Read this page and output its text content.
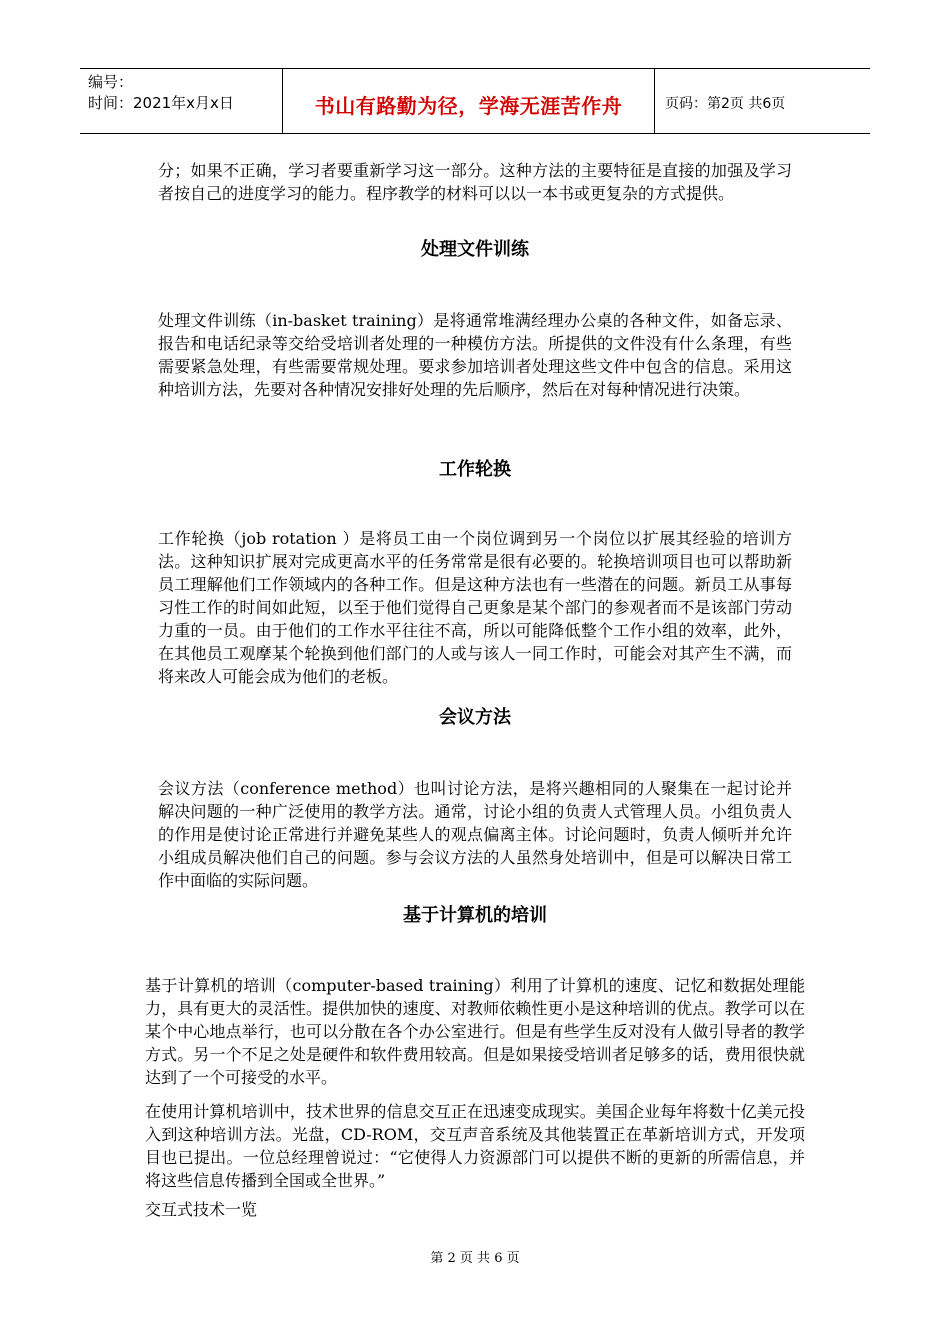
编号：
时间：2021年x月x日	书山有路勤为径，学海无涯苦作舟	页码：第2页 共6页

分；如果不正确，学习者要重新学习这一部分。这种方法的主要特征是直接的加强及学习者按自己的进度学习的能力。程序教学的材料可以以一本书或更复杂的方式提供。

处理文件训练

处理文件训练（in-basket training）是将通常堆满经理办公桌的各种文件，如备忘录、报告和电话纪录等交给受培训者处理的一种模仿方法。所提供的文件没有什么条理，有些需要紧急处理，有些需要常规处理。要求参加培训者处理这些文件中包含的信息。采用这种培训方法，先要对各种情况安排好处理的先后顺序，然后在对每种情况进行决策。

工作轮换

工作轮换（job rotation ）是将员工由一个岗位调到另一个岗位以扩展其经验的培训方法。这种知识扩展对完成更高水平的任务常常是很有必要的。轮换培训项目也可以帮助新员工理解他们工作领域内的各种工作。但是这种方法也有一些潜在的问题。新员工从事每习性工作的时间如此短，以至于他们觉得自己更象是某个部门的参观者而不是该部门劳动力重的一员。由于他们的工作水平往往不高，所以可能降低整个工作小组的效率，此外，在其他员工观摩某个轮换到他们部门的人或与该人一同工作时，可能会对其产生不满，而将来改人可能会成为他们的老板。

会议方法

会议方法（conference method）也叫讨论方法，是将兴趣相同的人聚集在一起讨论并解决问题的一种广泛使用的教学方法。通常，讨论小组的负责人式管理人员。小组负责人的作用是使讨论正常进行并避免某些人的观点偏离主体。讨论问题时，负责人倾听并允许小组成员解决他们自己的问题。参与会议方法的人虽然身处培训中，但是可以解决日常工作中面临的实际问题。

基于计算机的培训

基于计算机的培训（computer-based training）利用了计算机的速度、记忆和数据处理能力，具有更大的灵活性。提供加快的速度、对教师依赖性更小是这种培训的优点。教学可以在某个中心地点举行，也可以分散在各个办公室进行。但是有些学生反对没有人做引导者的教学方式。另一个不足之处是硬件和软件费用较高。但是如果接受培训者足够多的话，费用很快就达到了一个可接受的水平。

在使用计算机培训中，技术世界的信息交互正在迅速变成现实。美国企业每年将数十亿美元投入到这种培训方法。光盘，CD-ROM，交互声音系统及其他装置正在革新培训方式，开发项目也已提出。一位总经理曾说过：“它使得人力资源部门可以提供不断的更新的所需信息，并将这些信息传播到全国或全世界。”

交互式技术一览

第 2 页 共 6 页
